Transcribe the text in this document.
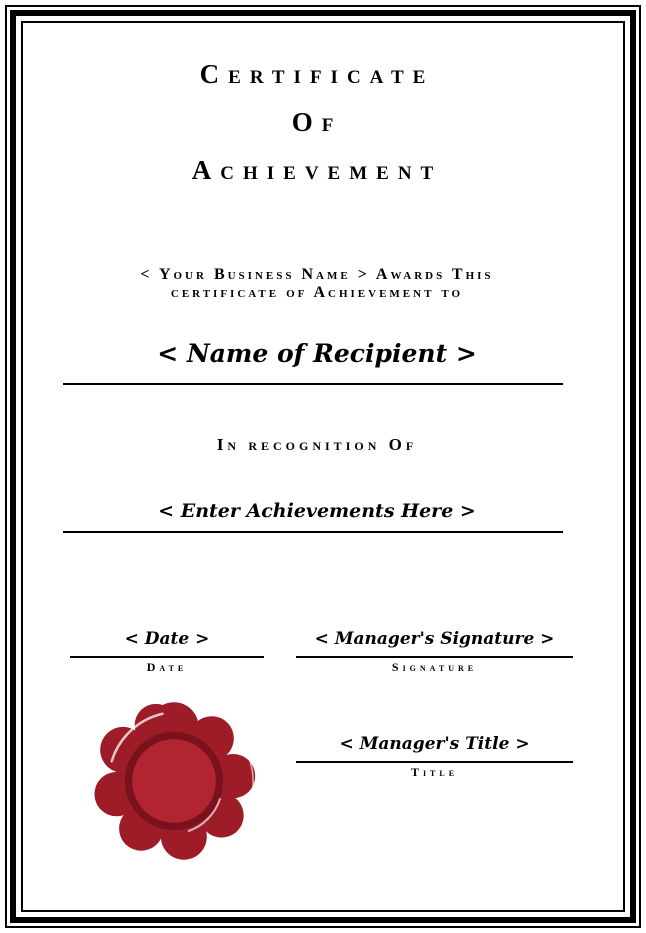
Certificate
Of
Achievement
< Your Business Name > Awards This
certificate of Achievement to
< Name of Recipient >
In recognition Of
< Enter Achievements Here >
< Date >
Date
< Manager's Signature >
Signature
< Manager's Title >
Title
